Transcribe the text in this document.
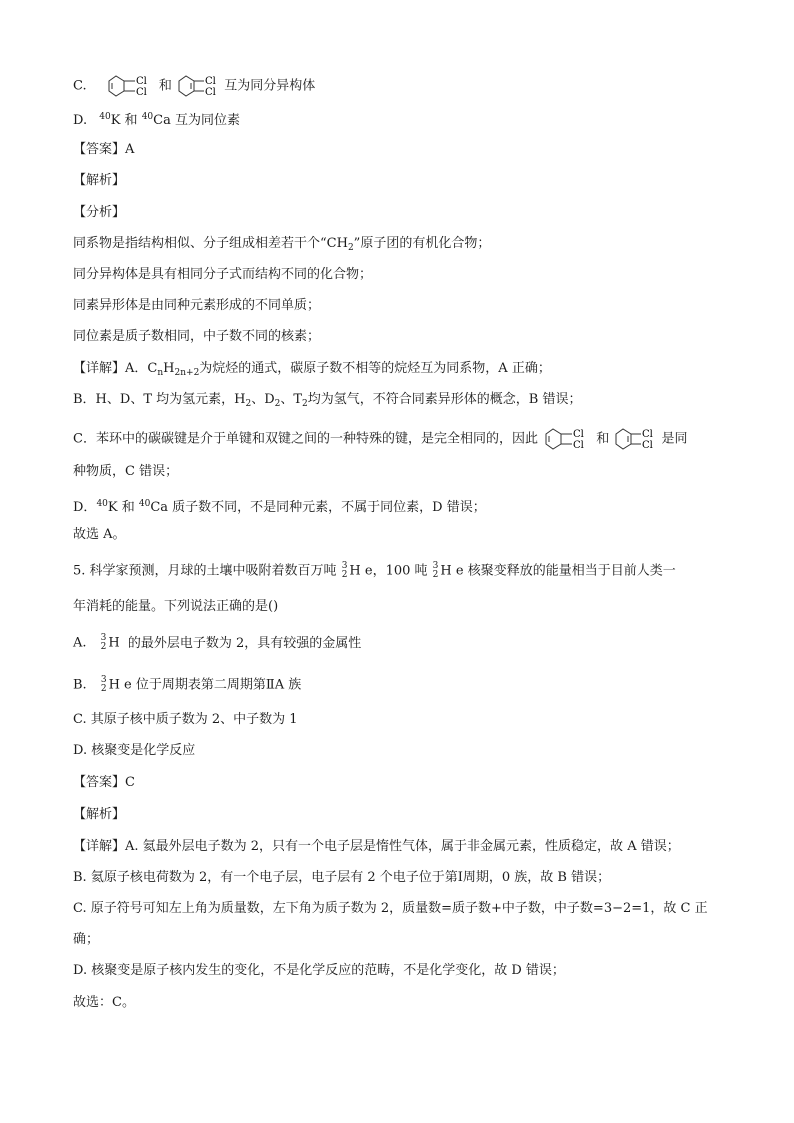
C.	Cl
Cl 和	Cl
Cl 互为同分异构体
D. $^{40}$K 和 $^{40}$Ca 互为同位素
【答案】A
【解析】
【分析】
同系物是指结构相似、分子组成相差若干个“$CH_2$”原子团的有机化合物；
同分异构体是具有相同分子式而结构不同的化合物；
同素异形体是由同种元素形成的不同单质；
同位素是质子数相同，中子数不同的核素；
【详解】A．$C_nH_{2n+2}$为烷烃的通式，碳原子数不相等的烷烃互为同系物，A 正确；
B．H、D、T 均为氢元素，$H_2$、$D_2$、$T_2$均为氢气，不符合同素异形体的概念，B 错误；
C．苯环中的碳碳键是介于单键和双键之间的一种特殊的键，是完全相同的，因此	Cl
Cl 和	Cl
Cl 是同
种物质，C 错误；
D．$^{40}$K 和 $^{40}$Ca 质子数不同，不是同种元素，不属于同位素，D 错误；
故选 A。
5. 科学家预测，月球的土壤中吸附着数百万吨 3
2 H e，100 吨 3
2 H e 核聚变释放的能量相当于目前人类一
年消耗的能量。下列说法正确的是()
A. 3
2 H 的最外层电子数为 2，具有较强的金属性
B. 3
2 H e 位于周期表第二周期第ⅡA 族
C. 其原子核中质子数为 2、中子数为 1
D. 核聚变是化学反应
【答案】C
【解析】
【详解】A. 氦最外层电子数为 2，只有一个电子层是惰性气体，属于非金属元素，性质稳定，故 A 错误；
B. 氦原子核电荷数为 2，有一个电子层，电子层有 2 个电子位于第Ⅰ周期，0 族，故 B 错误；
C. 原子符号可知左上角为质量数，左下角为质子数为 2，质量数=质子数+中子数，中子数=3−2=1，故 C 正
确；
D. 核聚变是原子核内发生的变化，不是化学反应的范畴，不是化学变化，故 D 错误；
故选：C。
